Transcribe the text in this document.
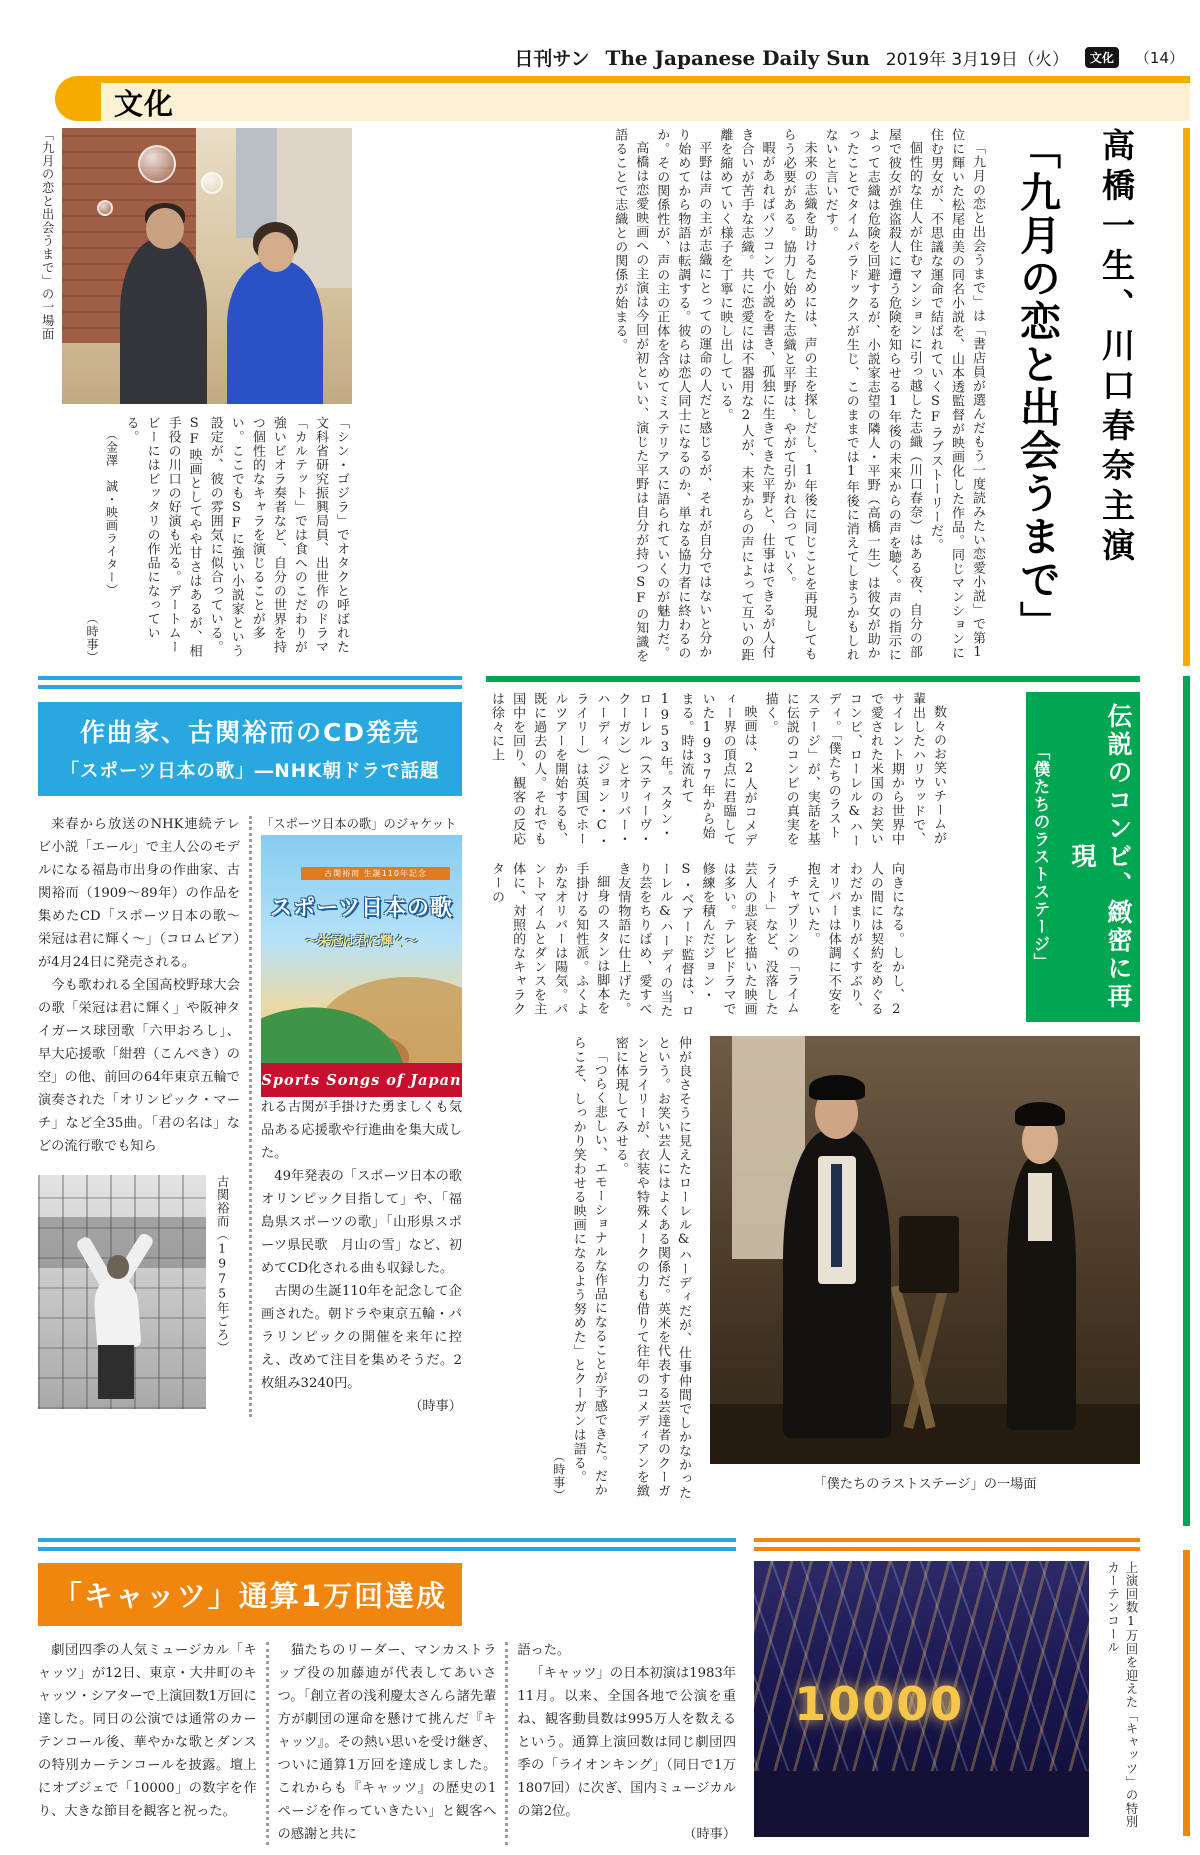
日刊サン The Japanese Daily Sun 2019年 3月19日（火）	文化	（14）
文化
「九月の恋と出会うまで」の一場面

「シン・ゴジラ」でオタクと呼ばれた文科省研究振興局員、出世作のドラマ「カルテット」では食へのこだわりが強いビオラ奏者など、自分の世界を持つ個性的なキャラを演じることが多い。ここでもSFに強い小説家という設定が、彼の雰囲気に似合っている。SF映画としてやや甘さはあるが、相手役の川口の好演も光る。デートムービーにはピッタリの作品になっている。

（金澤　誠・映画ライター）

（時事）	「九月の恋と出会うまで」は「書店員が選んだもう一度読みたい恋愛小説」で第1位に輝いた松尾由美の同名小説を、山本透監督が映画化した作品。同じマンションに住む男女が、不思議な運命で結ばれていくSFラブストーリーだ。

個性的な住人が住むマンションに引っ越した志織（川口春奈）はある夜、自分の部屋で彼女が強盗殺人に遭う危険を知らせる1年後の未来からの声を聴く。声の指示によって志織は危険を回避するが、小説家志望の隣人・平野（高橋一生）は彼女が助かったことでタイムパラドックスが生じ、このままでは1年後に消えてしまうかもしれないと言いだす。

未来の志織を助けるためには、声の主を探しだし、1年後に同じことを再現してもらう必要がある。協力し始めた志織と平野は、やがて引かれ合っていく。

暇があればパソコンで小説を書き、孤独に生きてきた平野と、仕事はできるが人付き合いが苦手な志織。共に恋愛には不器用な2人が、未来からの声によって互いの距離を縮めていく様子を丁寧に映し出している。

平野は声の主が志織にとっての運命の人だと感じるが、それが自分ではないと分かり始めてから物語は転調する。彼らは恋人同士になるのか、単なる協力者に終わるのか。その関係性が、声の主の正体を含めてミステリアスに語られていくのが魅力だ。

高橋は恋愛映画への主演は今回が初といい、演じた平野は自分が持つSFの知識を語ることで志織との関係が始まる。	高橋一生、川口春奈主演
「九月の恋と出会うまで」
作曲家、古関裕而のCD発売
「スポーツ日本の歌」―NHK朝ドラで話題

来春から放送のNHK連続テレビ小説「エール」で主人公のモデルになる福島市出身の作曲家、古関裕而（1909～89年）の作品を集めたCD「スポーツ日本の歌～栄冠は君に輝く～」（コロムビア）が4月24日に発売される。

今も歌われる全国高校野球大会の歌「栄冠は君に輝く」や阪神タイガース球団歌「六甲おろし」、早大応援歌「紺碧（こんぺき）の空」の他、前回の64年東京五輪で演奏された「オリンピック・マーチ」など全35曲。「君の名は」などの流行歌でも知ら

古関裕而（1975年ごろ）

「スポーツ日本の歌」のジャケット

古関裕而 生誕110年記念
スポーツ日本の歌
～栄冠は君に輝く～
Sports Songs of Japan

れる古関が手掛けた勇ましくも気品ある応援歌や行進曲を集大成した。

49年発表の「スポーツ日本の歌　オリンピック目指して」や、「福島県スポーツの歌」「山形県スポーツ県民歌　月山の雪」など、初めてCD化される曲も収録した。

古関の生誕110年を記念して企画された。朝ドラや東京五輪・パラリンピックの開催を来年に控え、改めて注目を集めそうだ。2枚組み3240円。

（時事）

数々のお笑いチームが輩出したハリウッドで、サイレント期から世界中で愛された米国のお笑いコンビ、ローレル&ハーディ。「僕たちのラストステージ」が、実話を基に伝説のコンビの真実を描く。

映画は、2人がコメディー界の頂点に君臨していた1937年から始まる。時は流れて1953年。スタン・ローレル（スティーヴ・クーガン）とオリバー・ハーディ（ジョン・C・ライリー）は英国でホールツアーを開始するも、既に過去の人。それでも国中を回り、観客の反応は徐々に上

向きになる。しかし、2人の間には契約をめぐるわだかまりがくすぶり、オリバーは体調に不安を抱えていた。

チャプリンの「ライムライト」など、没落した芸人の悲哀を描いた映画は多い。テレビドラマで修練を積んだジョン・S・ベアード監督は、ローレル&ハーディの当たり芸をちりばめ、愛すべき友情物語に仕上げた。

細身のスタンは脚本を手掛ける知性派。ふくよかなオリバーは陽気。パントマイムとダンスを主体に、対照的なキャラクターの	伝説のコンビ、緻密に再現
「僕たちのラストステージ」

仲が良さそうに見えたローレル&ハーディだが、仕事仲間でしかなかったという。お笑い芸人にはよくある関係だ。英米を代表する芸達者のクーガンとライリーが、衣装や特殊メークの力も借りて往年のコメディアンを緻密に体現してみせる。

「つらく悲しい、エモーショナルな作品になることが予感できた。だからこそ、しっかり笑わせる映画になるよう努めた」とクーガンは語る。

（時事）	「僕たちのラストステージ」の一場面
「キャッツ」通算1万回達成

劇団四季の人気ミュージカル「キャッツ」が12日、東京・大井町のキャッツ・シアターで上演回数1万回に達した。同日の公演では通常のカーテンコール後、華やかな歌とダンスの特別カーテンコールを披露。壇上にオブジェで「10000」の数字を作り、大きな節目を観客と祝った。

猫たちのリーダー、マンカストラップ役の加藤迪が代表してあいさつ。「創立者の浅利慶太さんら諸先輩方が劇団の運命を懸けて挑んだ『キャッツ』。その熱い思いを受け継ぎ、ついに通算1万回を達成しました。これからも『キャッツ』の歴史の1ページを作っていきたい」と観客への感謝と共に

語った。

「キャッツ」の日本初演は1983年11月。以来、全国各地で公演を重ね、観客動員数は995万人を数えるという。通算上演回数は同じ劇団四季の「ライオンキング」（同日で1万1807回）に次ぎ、国内ミュージカルの第2位。

（時事）

10000	上演回数1万回を迎えた「キャッツ」の特別カーテンコール
